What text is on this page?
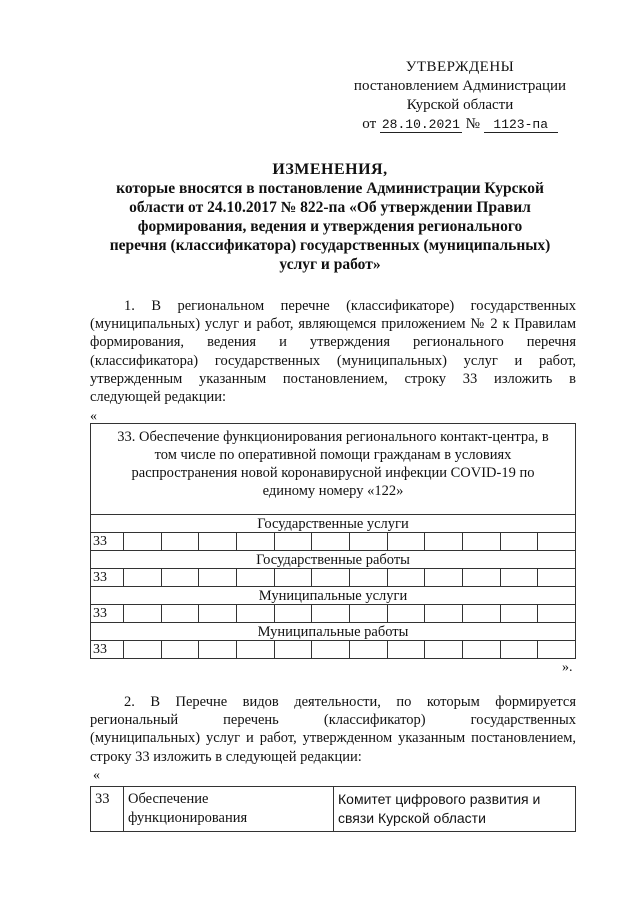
УТВЕРЖДЕНЫ
постановлением Администрации
Курской области
от 28.10.2021 № 1123-па
ИЗМЕНЕНИЯ,
которые вносятся в постановление Администрации Курской
области от 24.10.2017 № 822-па «Об утверждении Правил
формирования, ведения и утверждения регионального
перечня (классификатора) государственных (муниципальных)
услуг и работ»
1. В региональном перечне (классификаторе) государственных
(муниципальных) услуг и работ, являющемся приложением № 2 к Правилам
формирования, ведения и утверждения регионального перечня
(классификатора) государственных (муниципальных) услуг и работ,
утвержденным указанным постановлением, строку 33 изложить в
следующей редакции:
«
33. Обеспечение функционирования регионального контакт-центра, в
том числе по оперативной помощи гражданам в условиях
распространения новой коронавирусной инфекции COVID-19 по
единому номеру «122»
Государственные услуги
33
Государственные работы
33
Муниципальные услуги
33
Муниципальные работы
33
».
2. В Перечне видов деятельности, по которым формируется
региональный перечень (классификатор) государственных
(муниципальных) услуг и работ, утвержденном указанным постановлением,
строку 33 изложить в следующей редакции:
«
33	Обеспечение
функционирования
Комитет цифрового развития и
связи Курской области
